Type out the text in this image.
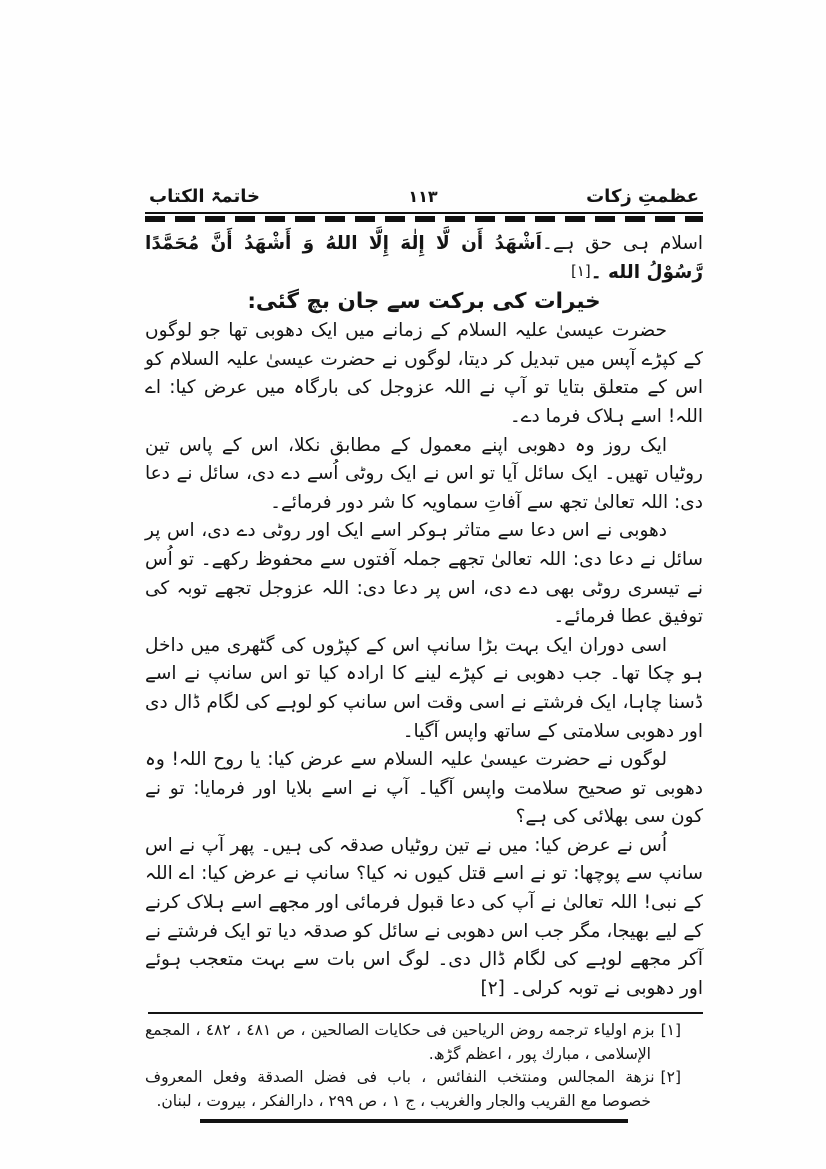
عظمتِ زکات
۱۱۳
خاتمۃ الکتاب

اسلام ہی حق ہے۔اَشْهَدُ أَن لَّا إِلٰهَ إِلَّا اللهُ وَ أَشْهَدُ أَنَّ مُحَمَّدًا رَّسُوْلُ الله ۔[۱]

خیرات کی برکت سے جان بچ گئی:

حضرت عیسیٰ علیہ السلام کے زمانے میں ایک دھوبی تھا جو لوگوں کے کپڑے آپس میں تبدیل کر دیتا، لوگوں نے حضرت عیسیٰ علیہ السلام کو اس کے متعلق بتایا تو آپ نے اللہ عزوجل کی بارگاہ میں عرض کیا: اے اللہ! اسے ہلاک فرما دے۔

ایک روز وہ دھوبی اپنے معمول کے مطابق نکلا، اس کے پاس تین روٹیاں تھیں۔ ایک سائل آیا تو اس نے ایک روٹی اُسے دے دی، سائل نے دعا دی: اللہ تعالیٰ تجھ سے آفاتِ سماویہ کا شر دور فرمائے۔

دھوبی نے اس دعا سے متاثر ہوکر اسے ایک اور روٹی دے دی، اس پر سائل نے دعا دی: اللہ تعالیٰ تجھے جملہ آفتوں سے محفوظ رکھے۔ تو اُس نے تیسری روٹی بھی دے دی، اس پر دعا دی: اللہ عزوجل تجھے توبہ کی توفیق عطا فرمائے۔

اسی دوران ایک بہت بڑا سانپ اس کے کپڑوں کی گٹھری میں داخل ہو چکا تھا۔ جب دھوبی نے کپڑے لینے کا ارادہ کیا تو اس سانپ نے اسے ڈسنا چاہا، ایک فرشتے نے اسی وقت اس سانپ کو لوہے کی لگام ڈال دی اور دھوبی سلامتی کے ساتھ واپس آگیا۔

لوگوں نے حضرت عیسیٰ علیہ السلام سے عرض کیا: یا روح اللہ! وہ دھوبی تو صحیح سلامت واپس آگیا۔ آپ نے اسے بلایا اور فرمایا: تو نے کون سی بھلائی کی ہے؟

اُس نے عرض کیا: میں نے تین روٹیاں صدقہ کی ہیں۔ پھر آپ نے اس سانپ سے پوچھا: تو نے اسے قتل کیوں نہ کیا؟ سانپ نے عرض کیا: اے اللہ کے نبی! اللہ تعالیٰ نے آپ کی دعا قبول فرمائی اور مجھے اسے ہلاک کرنے کے لیے بھیجا، مگر جب اس دھوبی نے سائل کو صدقہ دیا تو ایک فرشتے نے آکر مجھے لوہے کی لگام ڈال دی۔ لوگ اس بات سے بہت متعجب ہوئے اور دھوبی نے توبہ کرلی۔ [۲]

[۱]بزم اولياء ترجمه روض الرياحين فى حكايات الصالحين ، ص ٤٨١ ، ٤٨٢ ، المجمع الإسلامى ، مبارك پور ، اعظم گڑھ.

[۲]نزهة المجالس ومنتخب النفائس ، باب فى فضل الصدقة وفعل المعروف خصوصا مع القريب والجار والغريب ، ج ۱ ، ص ۲۹۹ ، دارالفكر ، بيروت ، لبنان.
